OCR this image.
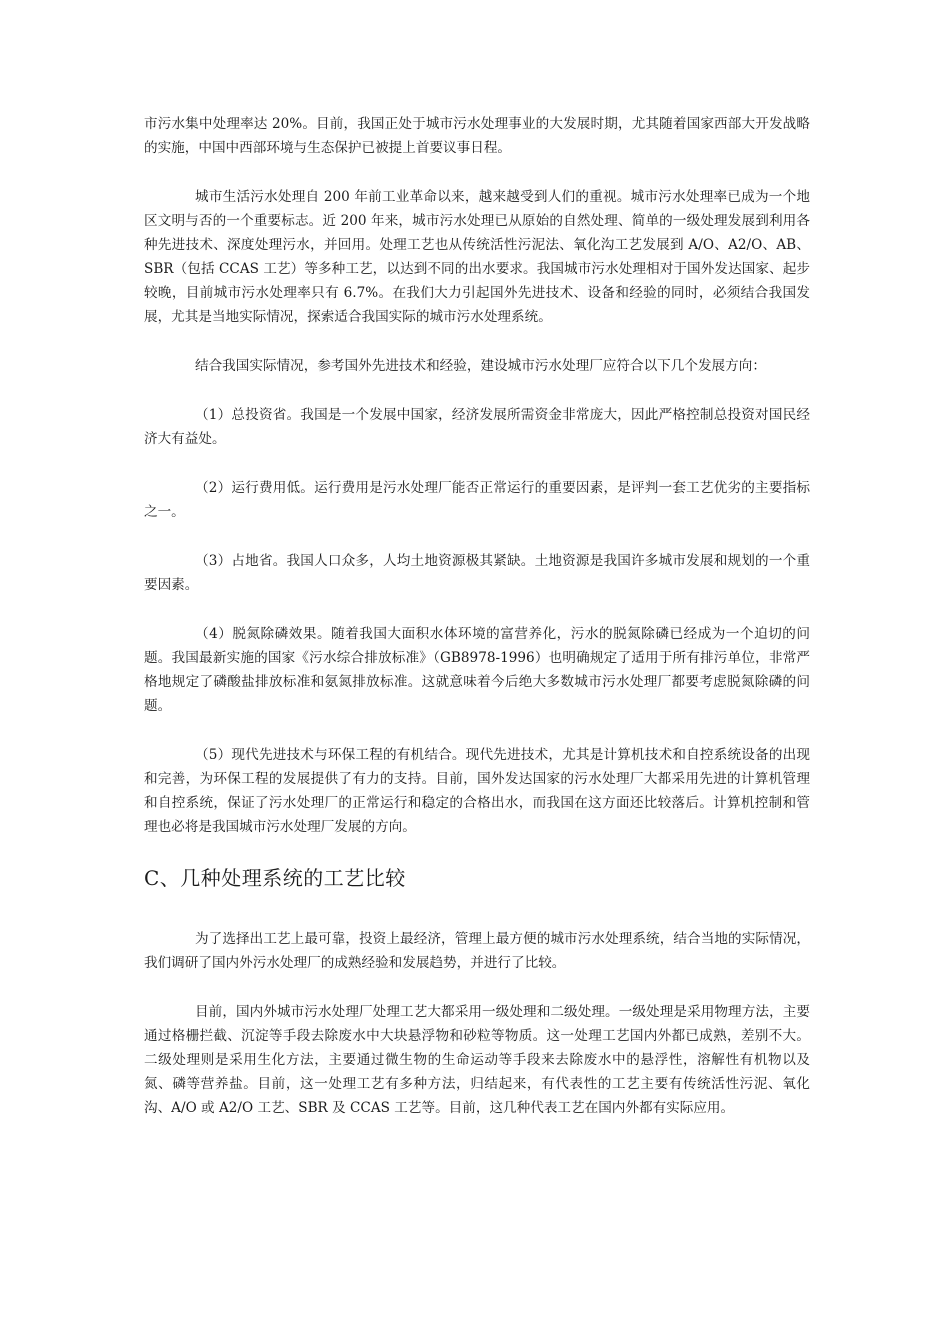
市污水集中处理率达 20%。目前，我国正处于城市污水处理事业的大发展时期，尤其随着国家西部大开发战略的实施，中国中西部环境与生态保护已被提上首要议事日程。

城市生活污水处理自 200 年前工业革命以来，越来越受到人们的重视。城市污水处理率已成为一个地区文明与否的一个重要标志。近 200 年来，城市污水处理已从原始的自然处理、简单的一级处理发展到利用各种先进技术、深度处理污水，并回用。处理工艺也从传统活性污泥法、氧化沟工艺发展到 A/O、A2/O、AB、SBR（包括 CCAS 工艺）等多种工艺，以达到不同的出水要求。我国城市污水处理相对于国外发达国家、起步较晚，目前城市污水处理率只有 6.7%。在我们大力引起国外先进技术、设备和经验的同时，必须结合我国发展，尤其是当地实际情况，探索适合我国实际的城市污水处理系统。

结合我国实际情况，参考国外先进技术和经验，建设城市污水处理厂应符合以下几个发展方向：

（1）总投资省。我国是一个发展中国家，经济发展所需资金非常庞大，因此严格控制总投资对国民经济大有益处。

（2）运行费用低。运行费用是污水处理厂能否正常运行的重要因素，是评判一套工艺优劣的主要指标之一。

（3）占地省。我国人口众多，人均土地资源极其紧缺。土地资源是我国许多城市发展和规划的一个重要因素。

（4）脱氮除磷效果。随着我国大面积水体环境的富营养化，污水的脱氮除磷已经成为一个迫切的问题。我国最新实施的国家《污水综合排放标准》（GB8978-1996）也明确规定了适用于所有排污单位，非常严格地规定了磷酸盐排放标准和氨氮排放标准。这就意味着今后绝大多数城市污水处理厂都要考虑脱氮除磷的问题。

（5）现代先进技术与环保工程的有机结合。现代先进技术，尤其是计算机技术和自控系统设备的出现和完善，为环保工程的发展提供了有力的支持。目前，国外发达国家的污水处理厂大都采用先进的计算机管理和自控系统，保证了污水处理厂的正常运行和稳定的合格出水，而我国在这方面还比较落后。计算机控制和管理也必将是我国城市污水处理厂发展的方向。

C、几种处理系统的工艺比较

为了选择出工艺上最可靠，投资上最经济，管理上最方便的城市污水处理系统，结合当地的实际情况，我们调研了国内外污水处理厂的成熟经验和发展趋势，并进行了比较。

目前，国内外城市污水处理厂处理工艺大都采用一级处理和二级处理。一级处理是采用物理方法，主要通过格栅拦截、沉淀等手段去除废水中大块悬浮物和砂粒等物质。这一处理工艺国内外都已成熟，差别不大。二级处理则是采用生化方法，主要通过微生物的生命运动等手段来去除废水中的悬浮性，溶解性有机物以及氮、磷等营养盐。目前，这一处理工艺有多种方法，归结起来，有代表性的工艺主要有传统活性污泥、氧化沟、A/O 或 A2/O 工艺、SBR 及 CCAS 工艺等。目前，这几种代表工艺在国内外都有实际应用。
